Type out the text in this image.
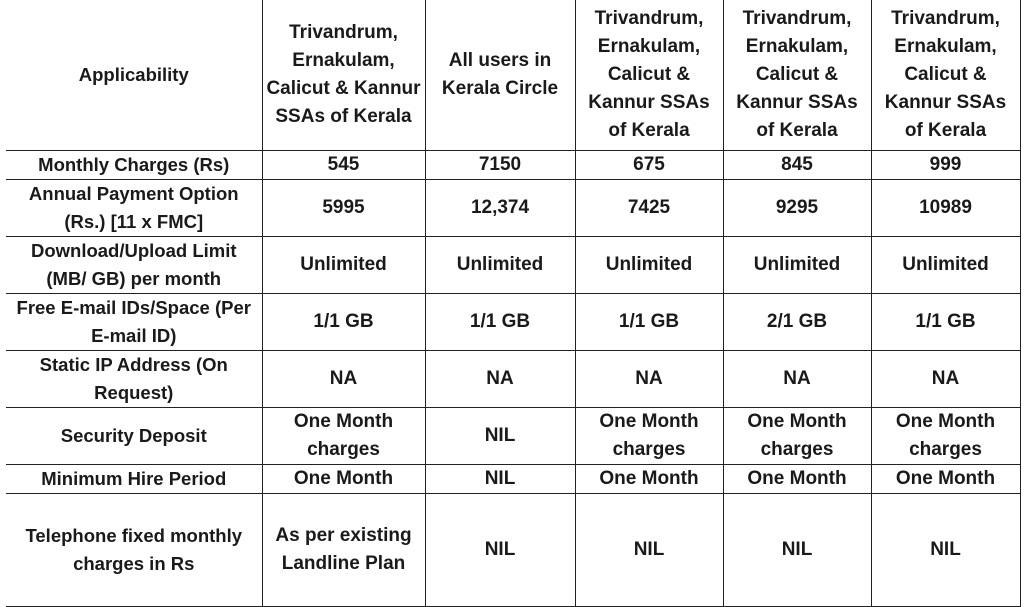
Applicability	Trivandrum, Ernakulam, Calicut & Kannur SSAs of Kerala	All users in Kerala Circle	Trivandrum, Ernakulam, Calicut & Kannur SSAs of Kerala	Trivandrum, Ernakulam, Calicut & Kannur SSAs of Kerala	Trivandrum, Ernakulam, Calicut & Kannur SSAs of Kerala
Monthly Charges (Rs)	545	7150	675	845	999
Annual Payment Option (Rs.) [11 x FMC]	5995	12,374	7425	9295	10989
Download/Upload Limit (MB/ GB) per month	Unlimited	Unlimited	Unlimited	Unlimited	Unlimited
Free E-mail IDs/Space (Per E-mail ID)	1/1 GB	1/1 GB	1/1 GB	2/1 GB	1/1 GB
Static IP Address (On Request)	NA	NA	NA	NA	NA
Security Deposit	One Month charges	NIL	One Month charges	One Month charges	One Month charges
Minimum Hire Period	One Month	NIL	One Month	One Month	One Month
Telephone fixed monthly charges in Rs	As per existing Landline Plan	NIL	NIL	NIL	NIL
